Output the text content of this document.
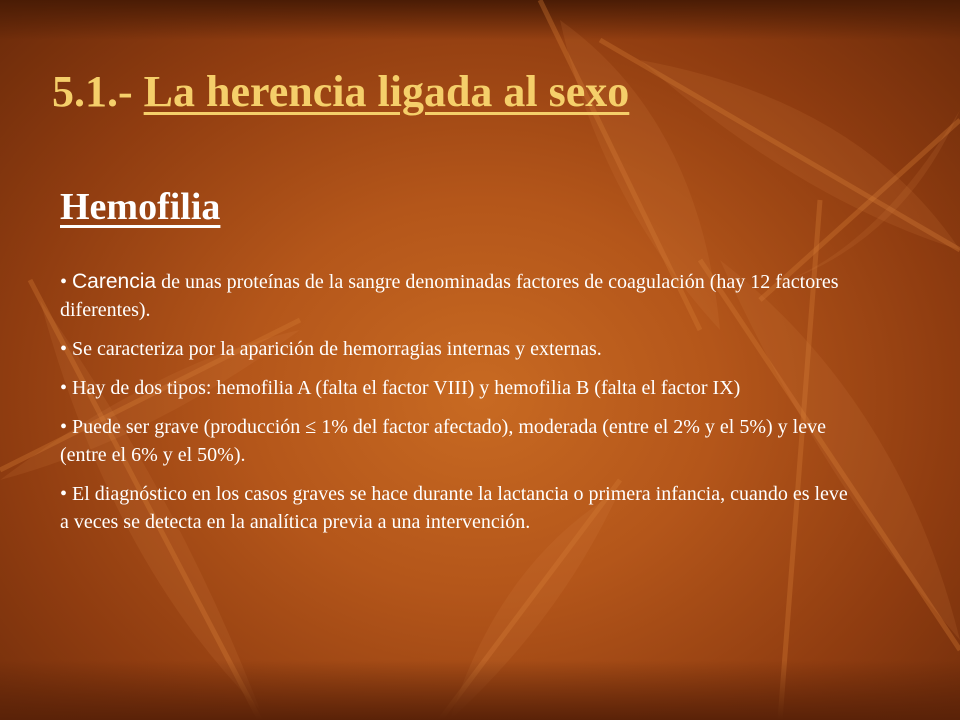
5.1.- La herencia ligada al sexo
Hemofilia
• Carencia de unas proteínas de la sangre denominadas factores de coagulación (hay 12 factores diferentes).
• Se caracteriza por la aparición de hemorragias internas y externas.
• Hay de dos tipos: hemofilia A (falta el factor VIII) y hemofilia B (falta el factor IX)
• Puede ser grave (producción ≤ 1% del factor afectado), moderada (entre el 2% y el 5%) y leve (entre el 6% y el 50%).
• El diagnóstico en los casos graves se hace durante la lactancia o primera infancia, cuando es leve a veces se detecta en la analítica previa a una intervención.
